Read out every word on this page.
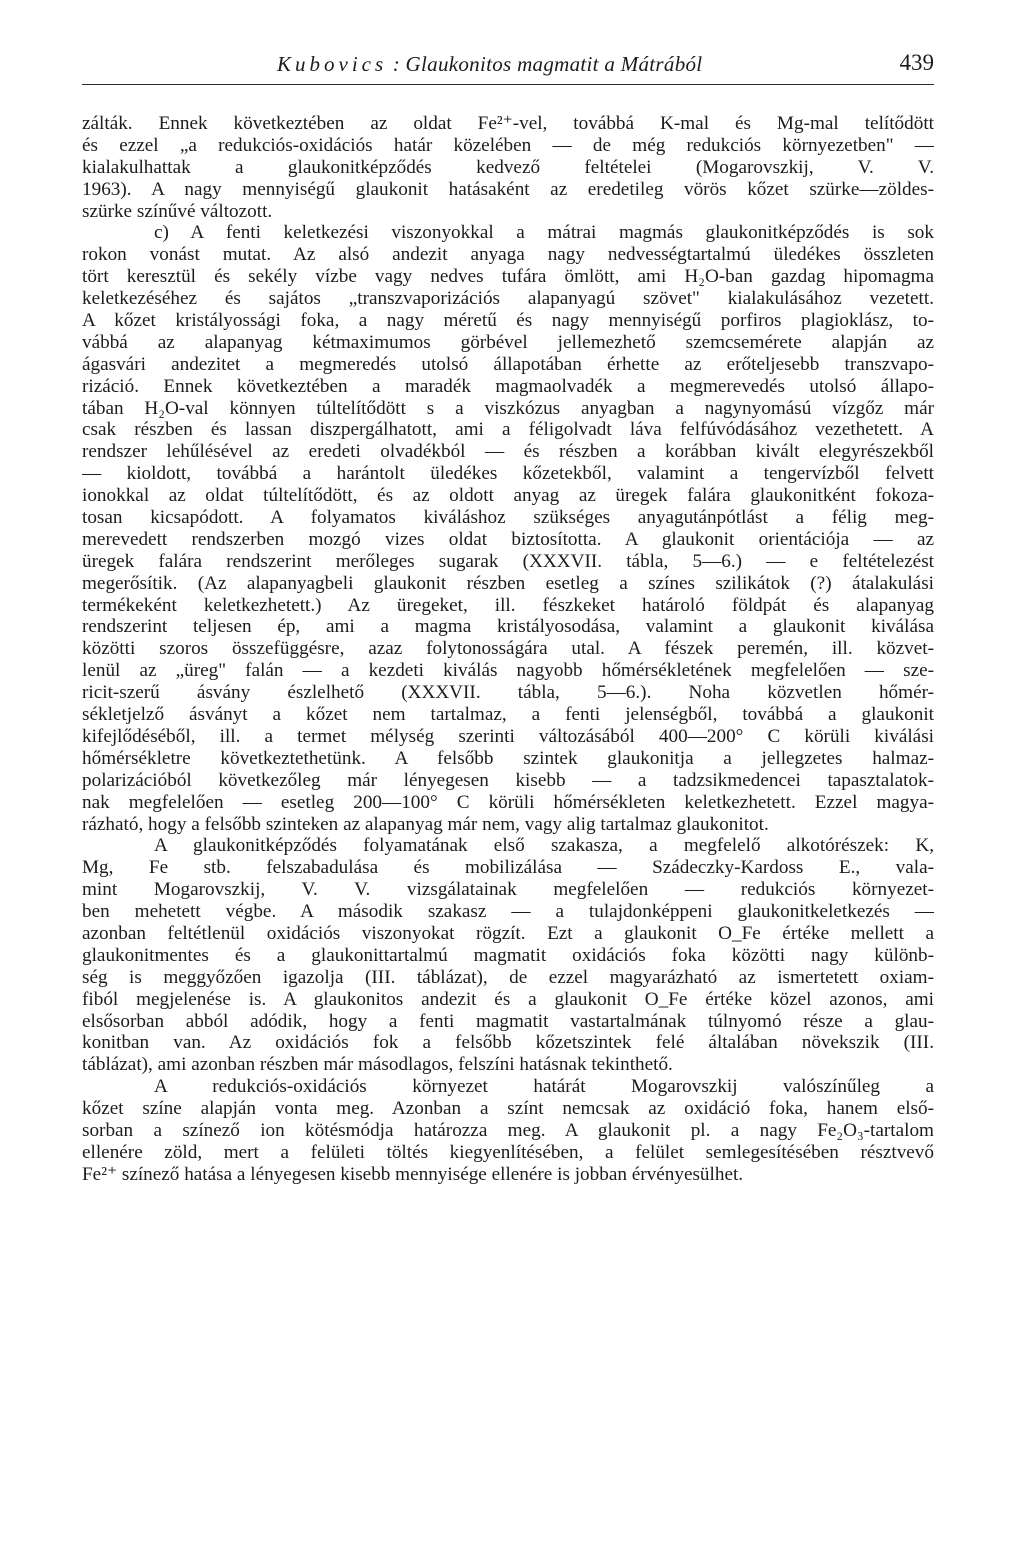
Kubovics : Glaukonitos magmatit a Mátrából	439
zálták. Ennek következtében az oldat Fe²⁺-vel, továbbá K-mal és Mg-mal telítődött
és ezzel „a redukciós-oxidációs határ közelében — de még redukciós környezetben" —
kialakulhattak a glaukonitképződés kedvező feltételei (Mogarovszkij, V. V.
1963). A nagy mennyiségű glaukonit hatásaként az eredetileg vörös kőzet szürke—zöldes-
szürke színűvé változott.
c) A fenti keletkezési viszonyokkal a mátrai magmás glaukonitképződés is sok
rokon vonást mutat. Az alsó andezit anyaga nagy nedvességtartalmú üledékes összleten
tört keresztül és sekély vízbe vagy nedves tufára ömlött, ami H₂O-ban gazdag hipomagma
keletkezéséhez és sajátos „transzvaporizációs alapanyagú szövet" kialakulásához vezetett.
A kőzet kristályossági foka, a nagy méretű és nagy mennyiségű porfiros plagioklász, to-
vábbá az alapanyag kétmaximumos görbével jellemezhető szemcsemérete alapján az
ágasvári andezitet a megmeredés utolsó állapotában érhette az erőteljesebb transzvapo-
rizáció. Ennek következtében a maradék magmaolvadék a megmerevedés utolsó állapo-
tában H₂O-val könnyen túltelítődött s a viszkózus anyagban a nagynyomású vízgőz már
csak részben és lassan diszpergálhatott, ami a féligolvadt láva felfúvódásához vezethetett. A
rendszer lehűlésével az eredeti olvadékból — és részben a korábban kivált elegyrészekből
— kioldott, továbbá a harántolt üledékes kőzetekből, valamint a tengervízből felvett
ionokkal az oldat túltelítődött, és az oldott anyag az üregek falára glaukonitként fokoza-
tosan kicsapódott. A folyamatos kiváláshoz szükséges anyagutánpótlást a félig meg-
merevedett rendszerben mozgó vizes oldat biztosította. A glaukonit orientációja — az
üregek falára rendszerint merőleges sugarak (XXXVII. tábla, 5—6.) — e feltételezést
megerősítik. (Az alapanyagbeli glaukonit részben esetleg a színes szilikátok (?) átalakulási
termékeként keletkezhetett.) Az üregeket, ill. fészkeket határoló földpát és alapanyag
rendszerint teljesen ép, ami a magma kristályosodása, valamint a glaukonit kiválása
közötti szoros összefüggésre, azaz folytonosságára utal. A fészek peremén, ill. közvet-
lenül az „üreg" falán — a kezdeti kiválás nagyobb hőmérsékletének megfelelően — sze-
ricit-szerű ásvány észlelhető (XXXVII. tábla, 5—6.). Noha közvetlen hőmér-
sékletjelző ásványt a kőzet nem tartalmaz, a fenti jelenségből, továbbá a glaukonit
kifejlődéséből, ill. a termet mélység szerinti változásából 400—200° C körüli kiválási
hőmérsékletre következtethetünk. A felsőbb szintek glaukonitja a jellegzetes halmaz-
polarizációból következőleg már lényegesen kisebb — a tadzsikmedencei tapasztalatok-
nak megfelelően — esetleg 200—100° C körüli hőmérsékleten keletkezhetett. Ezzel magya-
rázható, hogy a felsőbb szinteken az alapanyag már nem, vagy alig tartalmaz glaukonitot.
A glaukonitképződés folyamatának első szakasza, a megfelelő alkotórészek: K,
Mg, Fe stb. felszabadulása és mobilizálása — Szádeczky-Kardoss E., vala-
mint Mogarovszkij, V. V. vizsgálatainak megfelelően — redukciós környezet-
ben mehetett végbe. A második szakasz — a tulajdonképpeni glaukonitkeletkezés —
azonban feltétlenül oxidációs viszonyokat rögzít. Ezt a glaukonit O_Fe értéke mellett a
glaukonitmentes és a glaukonittartalmú magmatit oxidációs foka közötti nagy különb-
ség is meggyőzően igazolja (III. táblázat), de ezzel magyarázható az ismertetett oxiam-
fiból megjelenése is. A glaukonitos andezit és a glaukonit O_Fe értéke közel azonos, ami
elsősorban abból adódik, hogy a fenti magmatit vastartalmának túlnyomó része a glau-
konitban van. Az oxidációs fok a felsőbb kőzetszintek felé általában növekszik (III.
táblázat), ami azonban részben már másodlagos, felszíni hatásnak tekinthető.
A redukciós-oxidációs környezet határát Mogarovszkij valószínűleg a
kőzet színe alapján vonta meg. Azonban a színt nemcsak az oxidáció foka, hanem első-
sorban a színező ion kötésmódja határozza meg. A glaukonit pl. a nagy Fe₂O₃-tartalom
ellenére zöld, mert a felületi töltés kiegyenlítésében, a felület semlegesítésében résztvevő
Fe²⁺ színező hatása a lényegesen kisebb mennyisége ellenére is jobban érvényesülhet.
